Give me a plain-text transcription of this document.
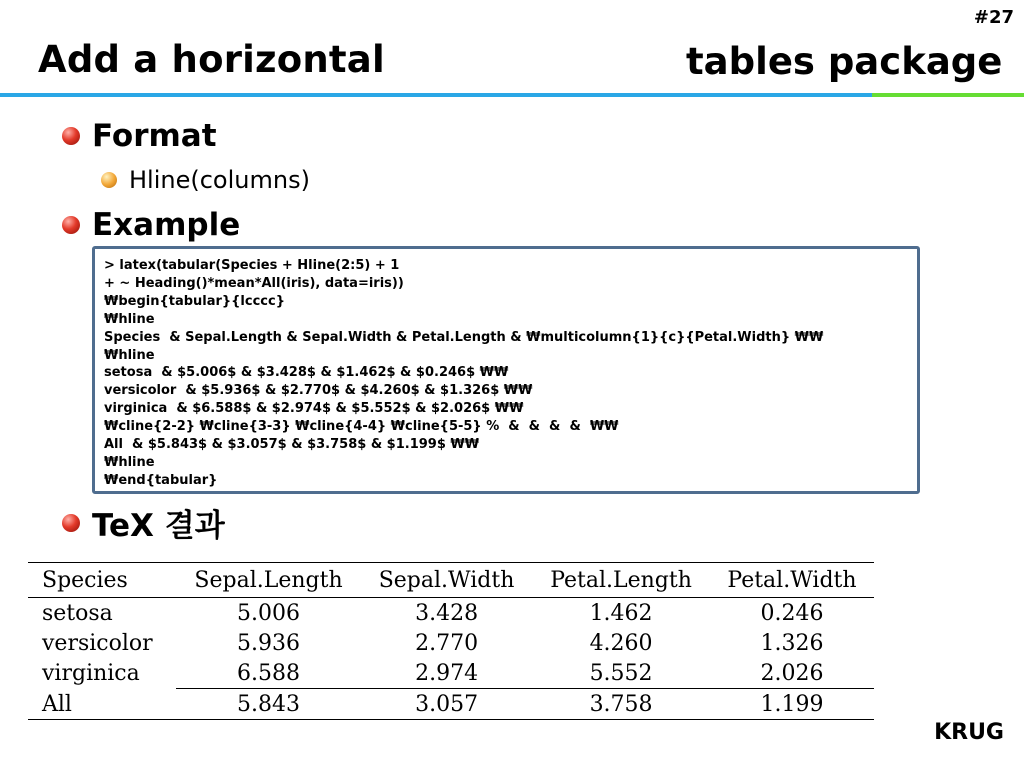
#27
Add a horizontal	tables package
Format
Hline(columns)
Example
> latex(tabular(Species + Hline(2:5) + 1
+ ~ Heading()*mean*All(iris), data=iris))
₩begin{tabular}{lcccc}
₩hline
Species  & Sepal.Length & Sepal.Width & Petal.Length & ₩multicolumn{1}{c}{Petal.Width} ₩₩
₩hline
setosa  & $5.006$ & $3.428$ & $1.462$ & $0.246$ ₩₩
versicolor  & $5.936$ & $2.770$ & $4.260$ & $1.326$ ₩₩
virginica  & $6.588$ & $2.974$ & $5.552$ & $2.026$ ₩₩
₩cline{2-2} ₩cline{3-3} ₩cline{4-4} ₩cline{5-5} %  &  &  &  &  ₩₩
All  & $5.843$ & $3.057$ & $3.758$ & $1.199$ ₩₩
₩hline
₩end{tabular}
TeX 결과
Species	Sepal.Length	Sepal.Width	Petal.Length	Petal.Width
setosa	5.006	3.428	1.462	0.246
versicolor	5.936	2.770	4.260	1.326
virginica	6.588	2.974	5.552	2.026
All	5.843	3.057	3.758	1.199
KRUG
